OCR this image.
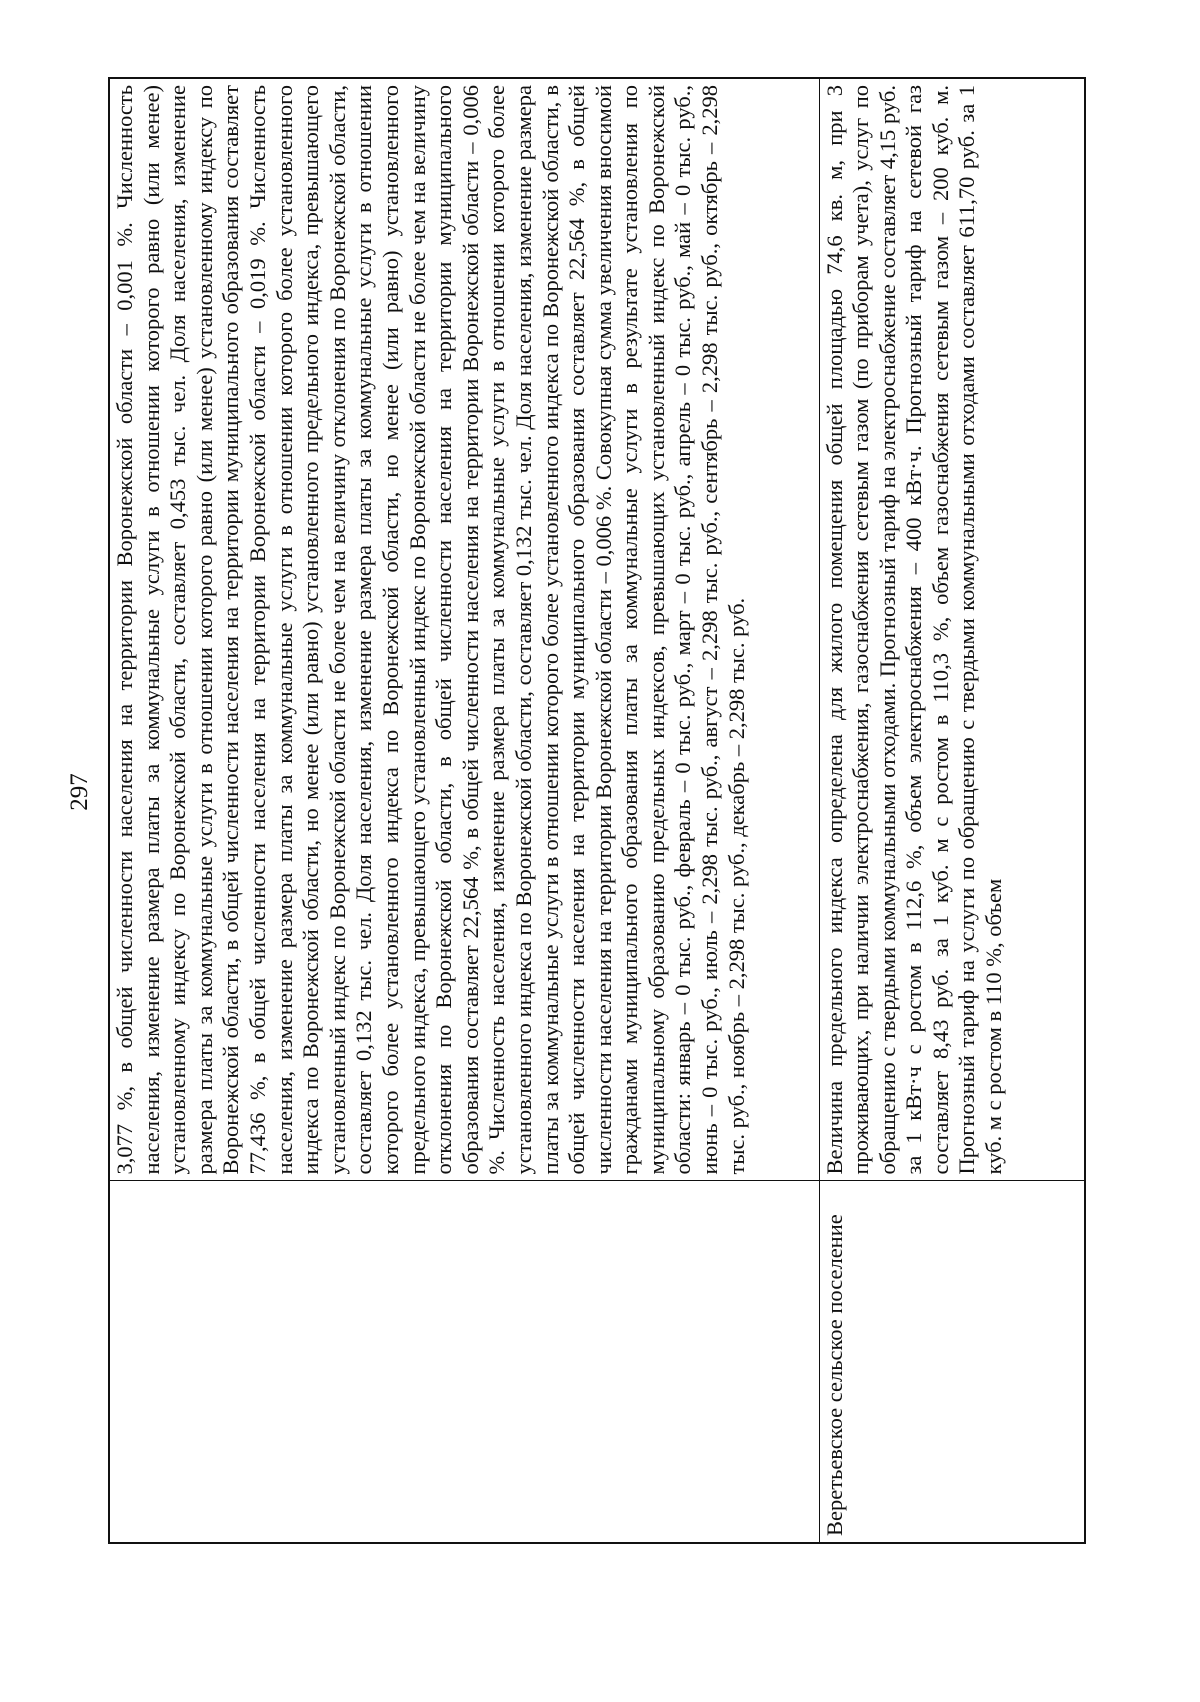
297
	3,077 %, в общей численности населения на территории Воронежской области – 0,001 %. Численность населения, изменение размера платы за коммунальные услуги в отношении которого равно (или менее) установленному индексу по Воронежской области, составляет 0,453 тыс. чел. Доля населения, изменение размера платы за коммунальные услуги в отношении которого равно (или менее) установленному индексу по Воронежской области, в общей численности населения на территории муниципального образования составляет 77,436 %, в общей численности населения на территории Воронежской области – 0,019 %. Численность населения, изменение размера платы за коммунальные услуги в отношении которого более установленного индекса по Воронежской области, но менее (или равно) установленного предельного индекса, превышающего установленный индекс по Воронежской области не более чем на величину отклонения по Воронежской области, составляет 0,132 тыс. чел. Доля населения, изменение размера платы за коммунальные услуги в отношении которого более установленного индекса по Воронежской области, но менее (или равно) установленного предельного индекса, превышающего установленный индекс по Воронежской области не более чем на величину отклонения по Воронежской области, в общей численности населения на территории муниципального образования составляет 22,564 %, в общей численности населения на территории Воронежской области – 0,006 %. Численность населения, изменение размера платы за коммунальные услуги в отношении которого более установленного индекса по Воронежской области, составляет 0,132 тыс. чел. Доля населения, изменение размера платы за коммунальные услуги в отношении которого более установленного индекса по Воронежской области, в общей численности населения на территории муниципального образования составляет 22,564 %, в общей численности населения на территории Воронежской области – 0,006 %. Совокупная сумма увеличения вносимой гражданами муниципального образования платы за коммунальные услуги в результате установления по муниципальному образованию предельных индексов, превышающих установленный индекс по Воронежской области: январь – 0 тыс. руб., февраль – 0 тыс. руб., март – 0 тыс. руб., апрель – 0 тыс. руб., май – 0 тыс. руб., июнь – 0 тыс. руб., июль – 2,298 тыс. руб., август – 2,298 тыс. руб., сентябрь – 2,298 тыс. руб., октябрь – 2,298 тыс. руб., ноябрь – 2,298 тыс. руб., декабрь – 2,298 тыс. руб.
Веретьевское сельское поселение	Величина предельного индекса определена для жилого помещения общей площадью 74,6 кв. м, при 3 проживающих, при наличии электроснабжения, газоснабжения сетевым газом (по приборам учета), услуг по обращению с твердыми коммунальными отходами. Прогнозный тариф на электроснабжение составляет 4,15 руб. за 1 кВт·ч с ростом в 112,6 %, объем электроснабжения – 400 кВт·ч. Прогнозный тариф на сетевой газ составляет 8,43 руб. за 1 куб. м с ростом в 110,3 %, объем газоснабжения сетевым газом – 200 куб. м. Прогнозный тариф на услуги по обращению с твердыми коммунальными отходами составляет 611,70 руб. за 1 куб. м с ростом в 110 %, объем
